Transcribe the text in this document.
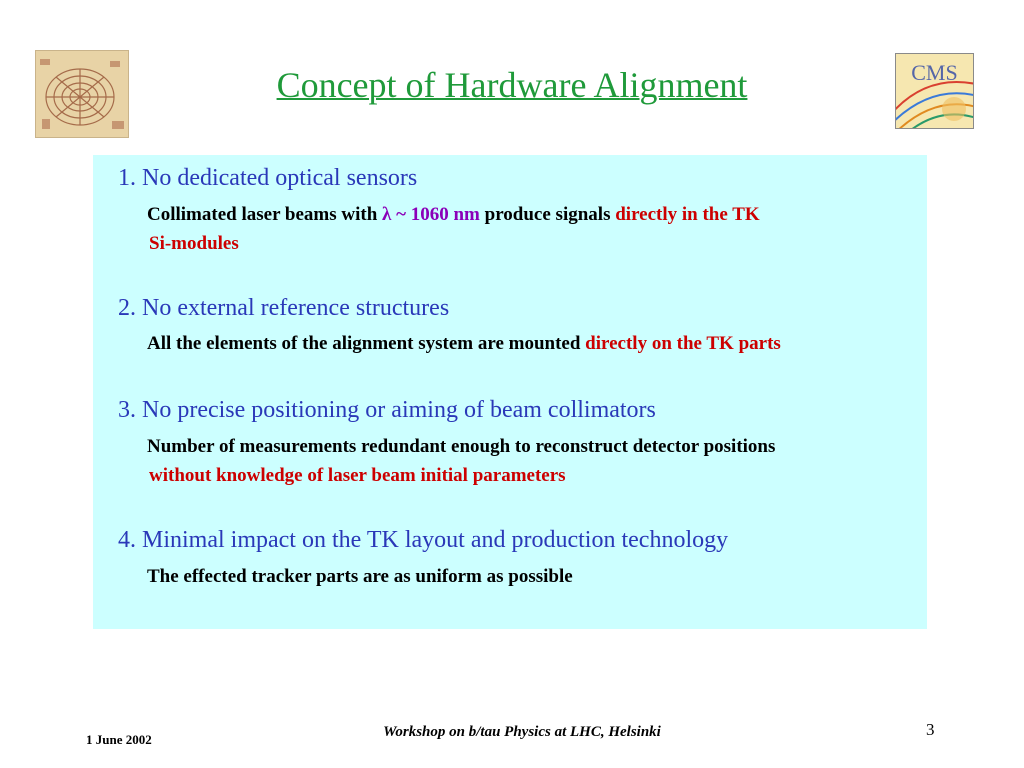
Concept of Hardware Alignment	CMS
1. No dedicated optical sensors
Collimated laser beams with λ ~ 1060 nm produce signals directly in the TK
Si-modules
2. No external reference structures
All the elements of the alignment system are mounted directly on the TK parts
3. No precise positioning or aiming of beam collimators
Number of measurements redundant enough to reconstruct detector positions
without knowledge of laser beam initial parameters
4. Minimal impact on the TK layout and production technology
The effected tracker parts are as uniform as possible
1 June 2002	Workshop on b/tau Physics at LHC, Helsinki	3
